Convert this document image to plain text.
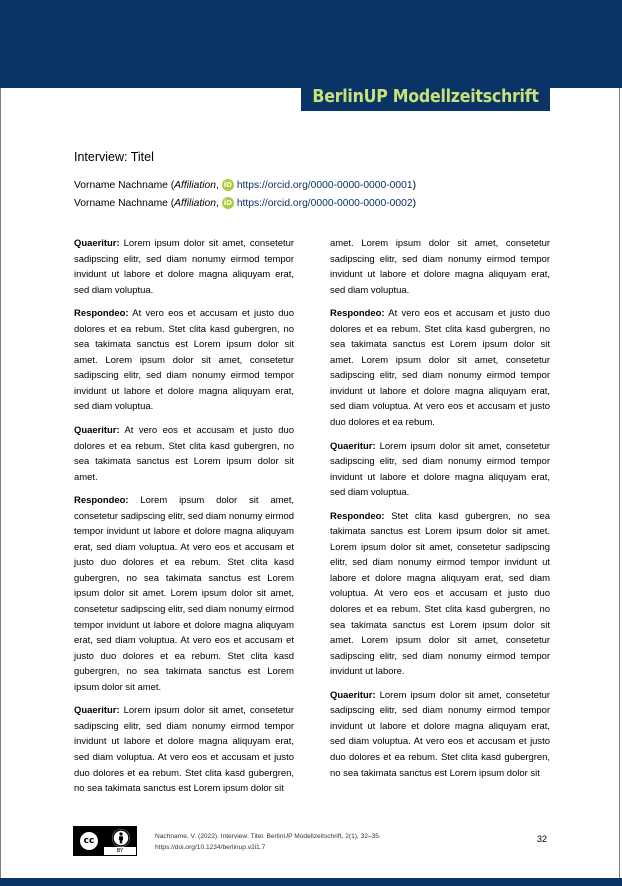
BerlinUP Modellzeitschrift
Interview: Titel
Vorname Nachname ( Affiliation , iD https://orcid.org/0000-0000-0000-0001 )
Vorname Nachname ( Affiliation , iD https://orcid.org/0000-0000-0000-0002 )

Quaeritur: Lorem ipsum dolor sit amet, consetetur sadipscing elitr, sed diam nonumy eirmod tempor invidunt ut labore et dolore magna aliquyam erat, sed diam voluptua.

Respondeo: At vero eos et accusam et justo duo dolores et ea rebum. Stet clita kasd gubergren, no sea takimata sanctus est Lorem ipsum dolor sit amet. Lorem ipsum dolor sit amet, consetetur sadipscing elitr, sed diam nonumy eirmod tempor invidunt ut labore et dolore magna aliquyam erat, sed diam voluptua.

Quaeritur: At vero eos et accusam et justo duo dolores et ea rebum. Stet clita kasd gubergren, no sea takimata sanctus est Lorem ipsum dolor sit amet.

Respondeo: Lorem ipsum dolor sit amet, consetetur sadipscing elitr, sed diam nonumy eirmod tempor invidunt ut labore et dolore magna aliquyam erat, sed diam voluptua. At vero eos et accusam et justo duo dolores et ea rebum. Stet clita kasd gubergren, no sea takimata sanctus est Lorem ipsum dolor sit amet. Lorem ipsum dolor sit amet, consetetur sadipscing elitr, sed diam nonumy eirmod tempor invidunt ut labore et dolore magna aliquyam erat, sed diam voluptua. At vero eos et accusam et justo duo dolores et ea rebum. Stet clita kasd gubergren, no sea takimata sanctus est Lorem ipsum dolor sit amet.

Quaeritur: Lorem ipsum dolor sit amet, consetetur sadipscing elitr, sed diam nonumy eirmod tempor invidunt ut labore et dolore magna aliquyam erat, sed diam voluptua. At vero eos et accusam et justo duo dolores et ea rebum. Stet clita kasd gubergren, no sea takimata sanctus est Lorem ipsum dolor sit

amet. Lorem ipsum dolor sit amet, consetetur sadipscing elitr, sed diam nonumy eirmod tempor invidunt ut labore et dolore magna aliquyam erat, sed diam voluptua.

Respondeo: At vero eos et accusam et justo duo dolores et ea rebum. Stet clita kasd gubergren, no sea takimata sanctus est Lorem ipsum dolor sit amet. Lorem ipsum dolor sit amet, consetetur sadipscing elitr, sed diam nonumy eirmod tempor invidunt ut labore et dolore magna aliquyam erat, sed diam voluptua. At vero eos et accusam et justo duo dolores et ea rebum.

Quaeritur: Lorem ipsum dolor sit amet, consetetur sadipscing elitr, sed diam nonumy eirmod tempor invidunt ut labore et dolore magna aliquyam erat, sed diam voluptua.

Respondeo: Stet clita kasd gubergren, no sea takimata sanctus est Lorem ipsum dolor sit amet. Lorem ipsum dolor sit amet, consetetur sadipscing elitr, sed diam nonumy eirmod tempor invidunt ut labore et dolore magna aliquyam erat, sed diam voluptua. At vero eos et accusam et justo duo dolores et ea rebum. Stet clita kasd gubergren, no sea takimata sanctus est Lorem ipsum dolor sit amet. Lorem ipsum dolor sit amet, consetetur sadipscing elitr, sed diam nonumy eirmod tempor invidunt ut labore.

Quaeritur: Lorem ipsum dolor sit amet, consetetur sadipscing elitr, sed diam nonumy eirmod tempor invidunt ut labore et dolore magna aliquyam erat, sed diam voluptua. At vero eos et accusam et justo duo dolores et ea rebum. Stet clita kasd gubergren, no sea takimata sanctus est Lorem ipsum dolor sit

cc
BY
Nachname, V. (2022). Interview: Titel. BerlinUP Modellzeitschrift, 2(1), 32–35.
https://doi.org/10.1234/berlinup.v2i1.7
32
